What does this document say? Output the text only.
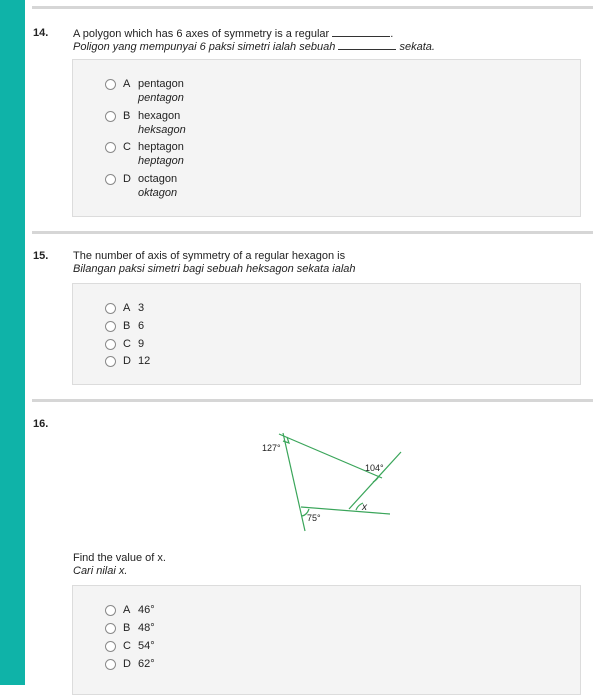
14. A polygon which has 6 axes of symmetry is a regular	.
Poligon yang mempunyai 6 paksi simetri ialah sebuah	sekata.
A pentagon
pentagon
B hexagon
heksagon
C heptagon
heptagon
D octagon
oktagon
15. The number of axis of symmetry of a regular hexagon is
Bilangan paksi simetri bagi sebuah heksagon sekata ialah
A 3
B 6
C 9
D 12
16.
127°
104°
x
75°
Find the value of x.
Cari nilai x.
A 46°
B 48°
C 54°
D 62°
